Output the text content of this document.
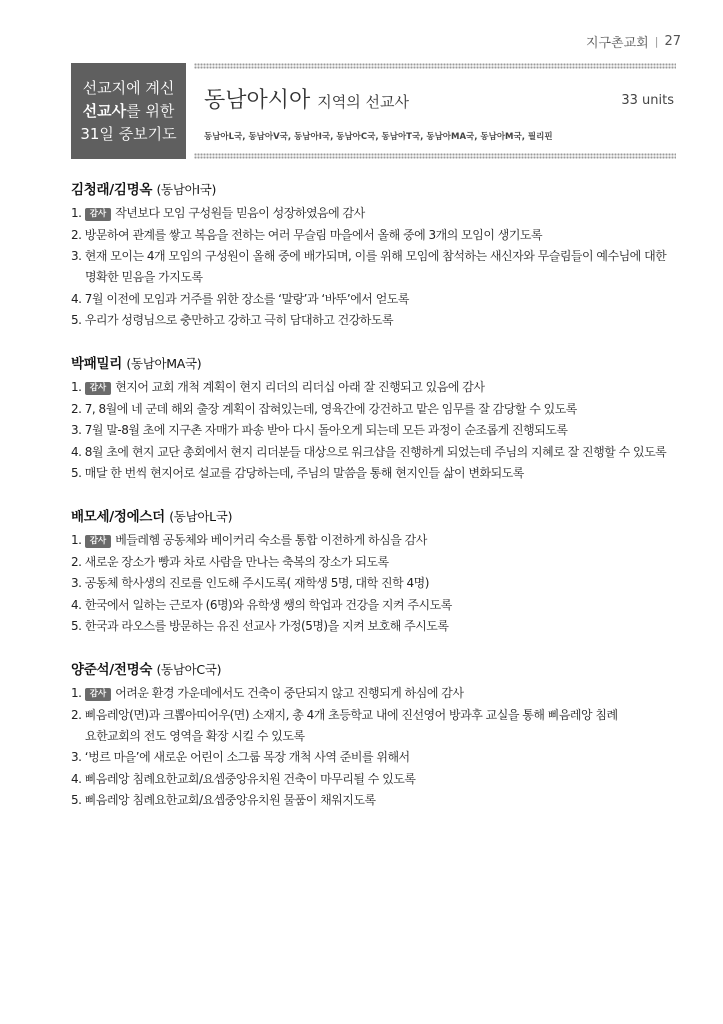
지구촌교회 | 27
선교지에 계신
선교사를 위한
31일 중보기도
동남아시아 지역의 선교사	33 units
동남아L국, 동남아V국, 동남아I국, 동남아C국, 동남아T국, 동남아MA국, 동남아M국, 필리핀
김청래/김명옥 (동남아I국)
1. 감사 작년보다 모임 구성원들 믿음이 성장하였음에 감사
2. 방문하여 관계를 쌓고 복음을 전하는 여러 무슬림 마을에서 올해 중에 3개의 모임이 생기도록
3. 현재 모이는 4개 모임의 구성원이 올해 중에 배가되며, 이를 위해 모임에 참석하는 새신자와 무슬림들이 예수님에 대한
명확한 믿음을 가지도록
4. 7월 이전에 모임과 거주를 위한 장소를 ‘말랑’과 ‘바뚜’에서 얻도록
5. 우리가 성령님으로 충만하고 강하고 극히 담대하고 건강하도록
박패밀리 (동남아MA국)
1. 감사 현지어 교회 개척 계획이 현지 리더의 리더십 아래 잘 진행되고 있음에 감사
2. 7, 8월에 네 군데 해외 출장 계획이 잡혀있는데, 영육간에 강건하고 맡은 임무를 잘 감당할 수 있도록
3. 7월 말-8월 초에 지구촌 자매가 파송 받아 다시 돌아오게 되는데 모든 과정이 순조롭게 진행되도록
4. 8월 초에 현지 교단 총회에서 현지 리더분들 대상으로 워크샵을 진행하게 되었는데 주님의 지혜로 잘 진행할 수 있도록
5. 매달 한 번씩 현지어로 설교를 감당하는데, 주님의 말씀을 통해 현지인들 삶이 변화되도록
배모세/정에스더 (동남아L국)
1. 감사 베들레헴 공동체와 베이커리 숙소를 통합 이전하게 하심을 감사
2. 새로운 장소가 빵과 차로 사람을 만나는 축복의 장소가 되도록
3. 공동체 학사생의 진로를 인도해 주시도록( 재학생 5명, 대학 진학 4명)
4. 한국에서 일하는 근로자 (6명)와 유학생 쌩의 학업과 건강을 지켜 주시도록
5. 한국과 라오스를 방문하는 유진 선교사 가정(5명)을 지켜 보호해 주시도록
양준석/전명숙 (동남아C국)
1. 감사 어려운 환경 가운데에서도 건축이 중단되지 않고 진행되게 하심에 감사
2. 삐음레앙(면)과 크뽑아띠어우(면) 소재지, 총 4개 초등학교 내에 진선영어 방과후 교실을 통해 삐음레앙 침례
요한교회의 전도 영역을 확장 시킬 수 있도록
3. ‘벙르 마을’에 새로운 어린이 소그룹 목장 개척 사역 준비를 위해서
4. 삐음레앙 침례요한교회/요셉중앙유치원 건축이 마무리될 수 있도록
5. 삐음레앙 침례요한교회/요셉중앙유치원 물품이 채워지도록
